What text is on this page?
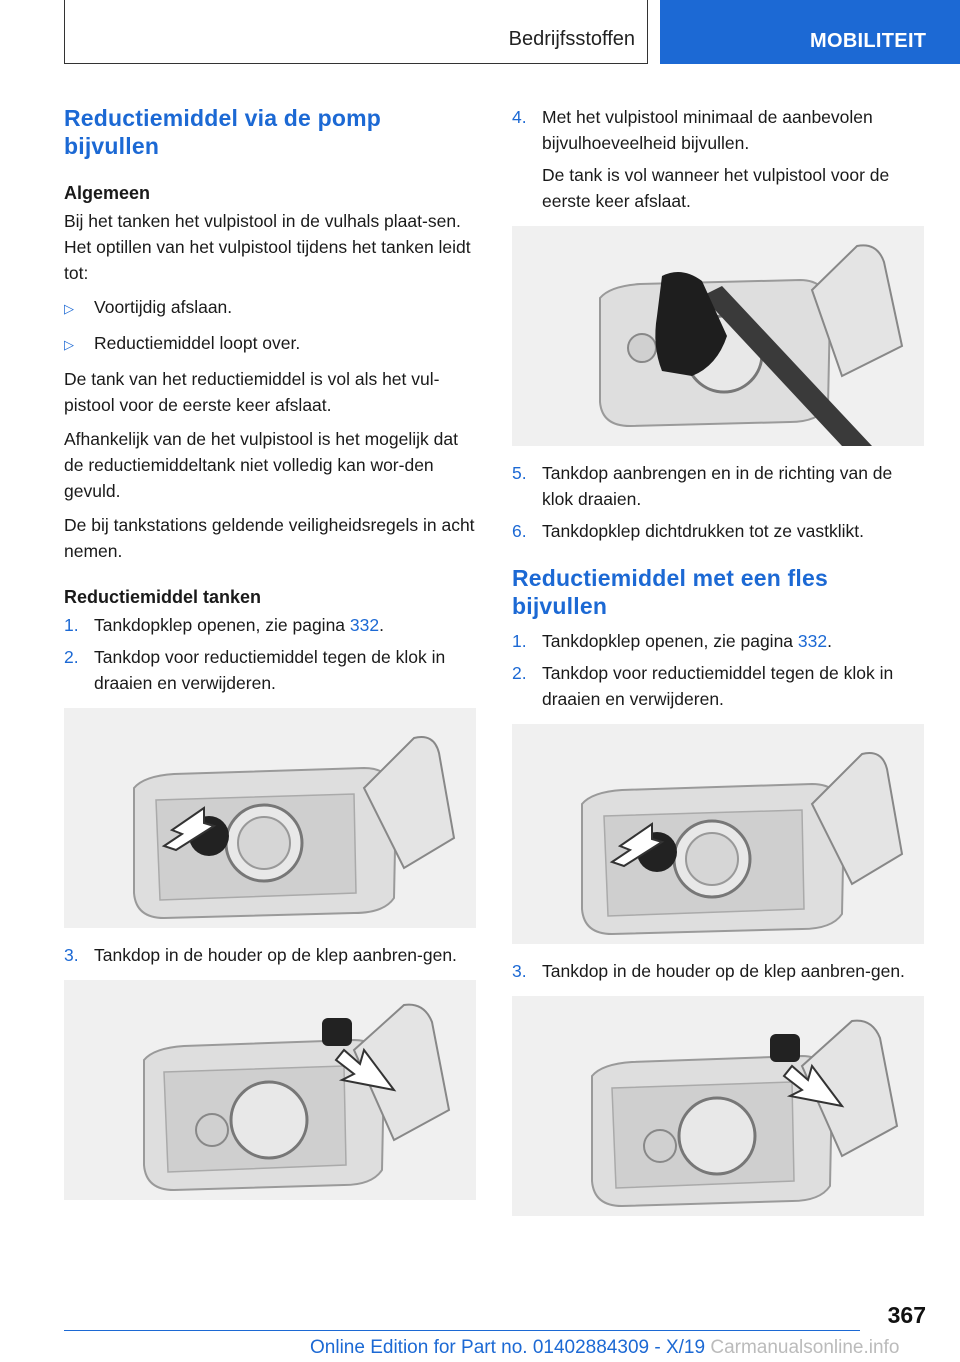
Bedrijfsstoffen	MOBILITEIT
Reductiemiddel via de pomp bijvullen
Algemeen

Bij het tanken het vulpistool in de vulhals plaat-sen. Het optillen van het vulpistool tijdens het tanken leidt tot:

▷	Voortijdig afslaan.
▷	Reductiemiddel loopt over.

De tank van het reductiemiddel is vol als het vul-pistool voor de eerste keer afslaat.

Afhankelijk van de het vulpistool is het mogelijk dat de reductiemiddeltank niet volledig kan wor-den gevuld.

De bij tankstations geldende veiligheidsregels in acht nemen.

Reductiemiddel tanken
1. Tankdopklep openen, zie pagina 332.
2. Tankdop voor reductiemiddel tegen de klok in draaien en verwijderen.
3. Tankdop in de houder op de klep aanbren-gen.
4. Met het vulpistool minimaal de aanbevolen bijvulhoeveelheid bijvullen.

De tank is vol wanneer het vulpistool voor de eerste keer afslaat.

5. Tankdop aanbrengen en in de richting van de klok draaien.
6. Tankdopklep dichtdrukken tot ze vastklikt.
Reductiemiddel met een fles bijvullen
1. Tankdopklep openen, zie pagina 332.
2. Tankdop voor reductiemiddel tegen de klok in draaien en verwijderen.
3. Tankdop in de houder op de klep aanbren-gen.
367
Online Edition for Part no. 01402884309 - X/19 Carmanualsonline.info
